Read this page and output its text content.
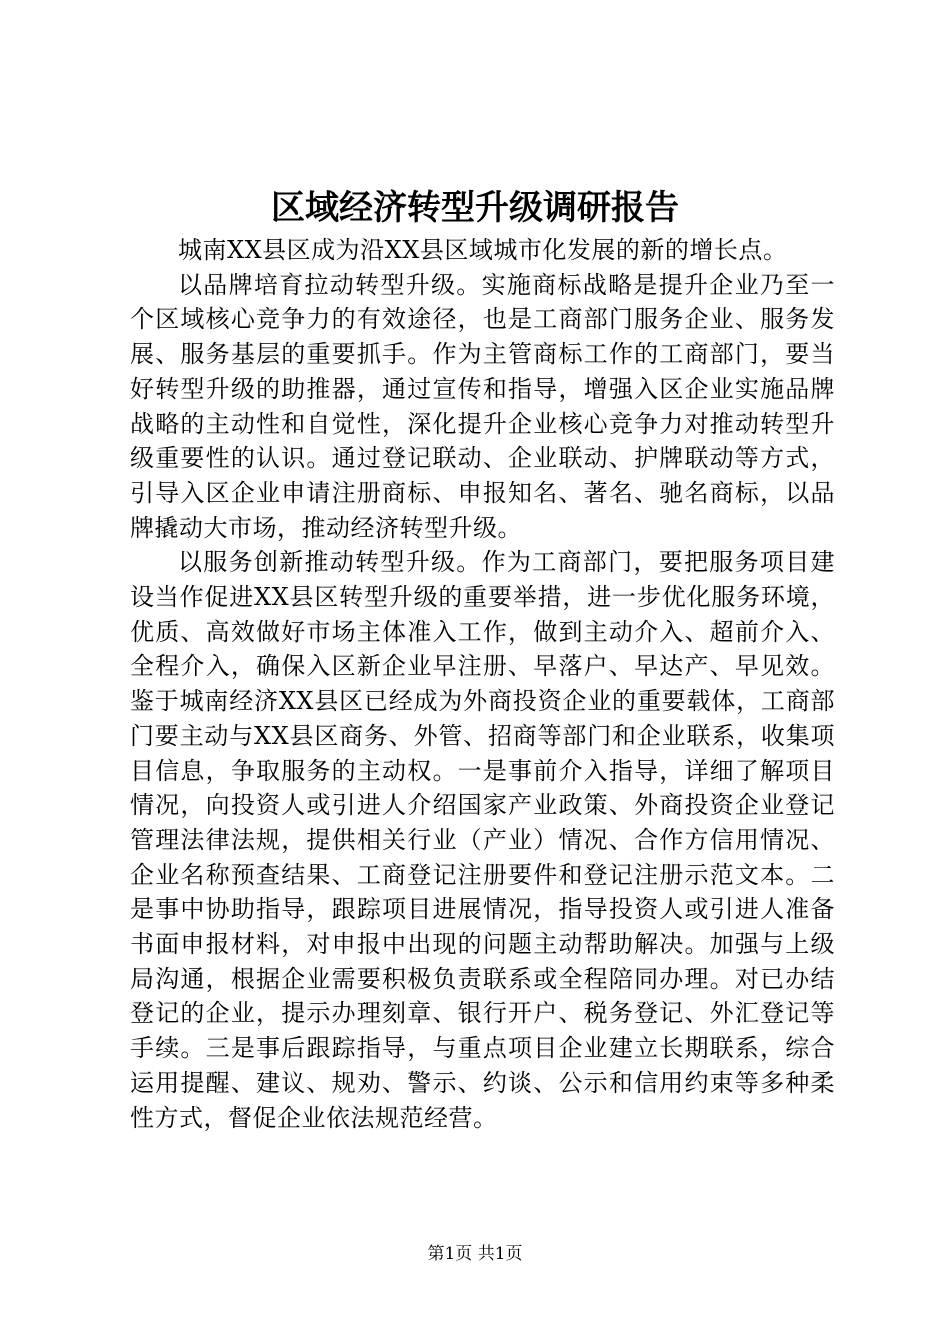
区域经济转型升级调研报告

城南XX县区成为沿XX县区域城市化发展的新的增长点。

以品牌培育拉动转型升级。实施商标战略是提升企业乃至一个区域核心竞争力的有效途径，也是工商部门服务企业、服务发展、服务基层的重要抓手。作为主管商标工作的工商部门，要当好转型升级的助推器，通过宣传和指导，增强入区企业实施品牌战略的主动性和自觉性，深化提升企业核心竞争力对推动转型升级重要性的认识。通过登记联动、企业联动、护牌联动等方式，引导入区企业申请注册商标、申报知名、著名、驰名商标，以品牌撬动大市场，推动经济转型升级。

以服务创新推动转型升级。作为工商部门，要把服务项目建设当作促进XX县区转型升级的重要举措，进一步优化服务环境，优质、高效做好市场主体准入工作，做到主动介入、超前介入、全程介入，确保入区新企业早注册、早落户、早达产、早见效。鉴于城南经济XX县区已经成为外商投资企业的重要载体，工商部门要主动与XX县区商务、外管、招商等部门和企业联系，收集项目信息，争取服务的主动权。一是事前介入指导，详细了解项目情况，向投资人或引进人介绍国家产业政策、外商投资企业登记管理法律法规，提供相关行业（产业）情况、合作方信用情况、企业名称预查结果、工商登记注册要件和登记注册示范文本。二是事中协助指导，跟踪项目进展情况，指导投资人或引进人准备书面申报材料，对申报中出现的问题主动帮助解决。加强与上级局沟通，根据企业需要积极负责联系或全程陪同办理。对已办结登记的企业，提示办理刻章、银行开户、税务登记、外汇登记等手续。三是事后跟踪指导，与重点项目企业建立长期联系，综合运用提醒、建议、规劝、警示、约谈、公示和信用约束等多种柔性方式，督促企业依法规范经营。

第1页 共1页
